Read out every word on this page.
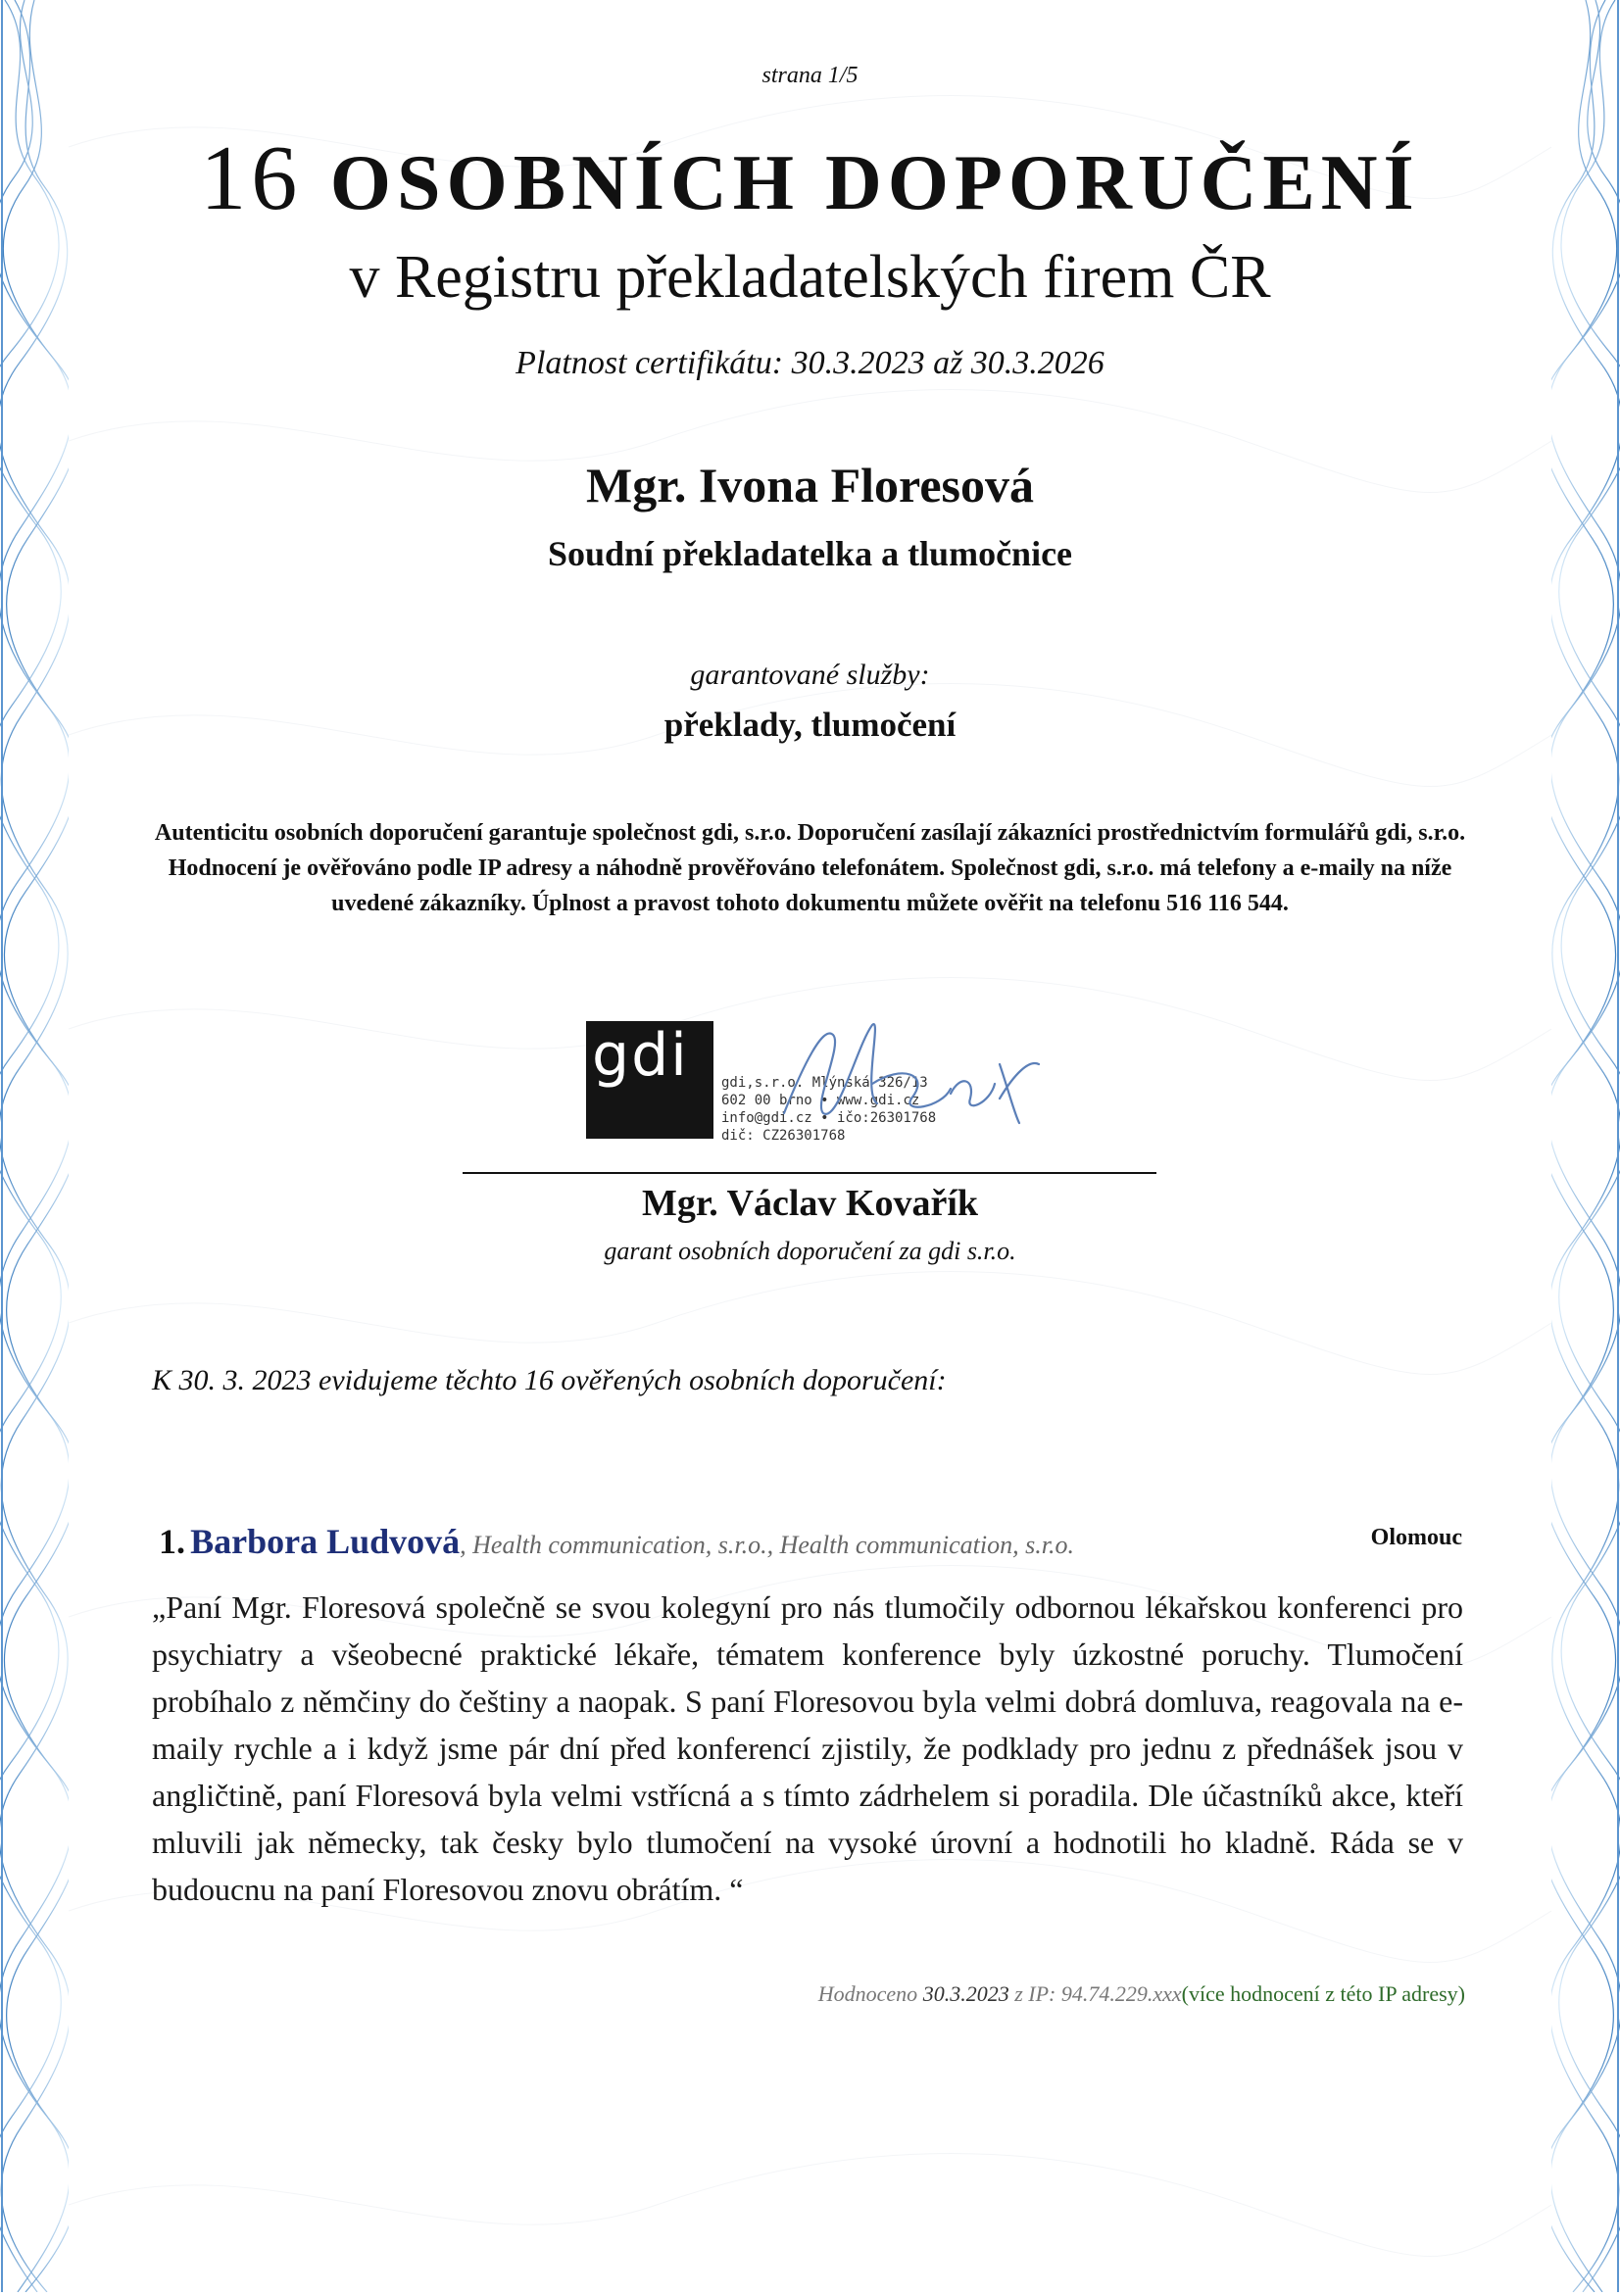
strana 1/5
16 OSOBNÍCH DOPORUČENÍ
v Registru překladatelských firem ČR
Platnost certifikátu: 30.3.2023 až 30.3.2026
Mgr. Ivona Floresová
Soudní překladatelka a tlumočnice
garantované služby:
překlady, tlumočení
Autenticitu osobních doporučení garantuje společnost gdi, s.r.o. Doporučení zasílají zákazníci prostřednictvím formulářů gdi, s.r.o. Hodnocení je ověřováno podle IP adresy a náhodně prověřováno telefonátem. Společnost gdi, s.r.o. má telefony a e-maily na níže uvedené zákazníky. Úplnost a pravost tohoto dokumentu můžete ověřit na telefonu 516 116 544.
gdi gdi,s.r.o. Mlýnská 326/13
602 00 brno • www.gdi.cz
info@gdi.cz • ičo:26301768
dič: CZ26301768
Mgr. Václav Kovařík
garant osobních doporučení za gdi s.r.o.
K 30. 3. 2023 evidujeme těchto 16 ověřených osobních doporučení:
1. Barbora Ludvová, Health communication, s.r.o., Health communication, s.r.o.	Olomouc
„Paní Mgr. Floresová společně se svou kolegyní pro nás tlumočily odbornou lékařskou konferenci pro psychiatry a všeobecné praktické lékaře, tématem konference byly úzkostné poruchy. Tlumočení probíhalo z němčiny do češtiny a naopak. S paní Floresovou byla velmi dobrá domluva, reagovala na e-maily rychle a i když jsme pár dní před konferencí zjistily, že podklady pro jednu z přednášek jsou v angličtině, paní Floresová byla velmi vstřícná a s tímto zádrhelem si poradila. Dle účastníků akce, kteří mluvili jak německy, tak česky bylo tlumočení na vysoké úrovní a hodnotili ho kladně. Ráda se v budoucnu na paní Floresovou znovu obrátím. “
Hodnoceno 30.3.2023 z IP: 94.74.229.xxx(více hodnocení z této IP adresy)
